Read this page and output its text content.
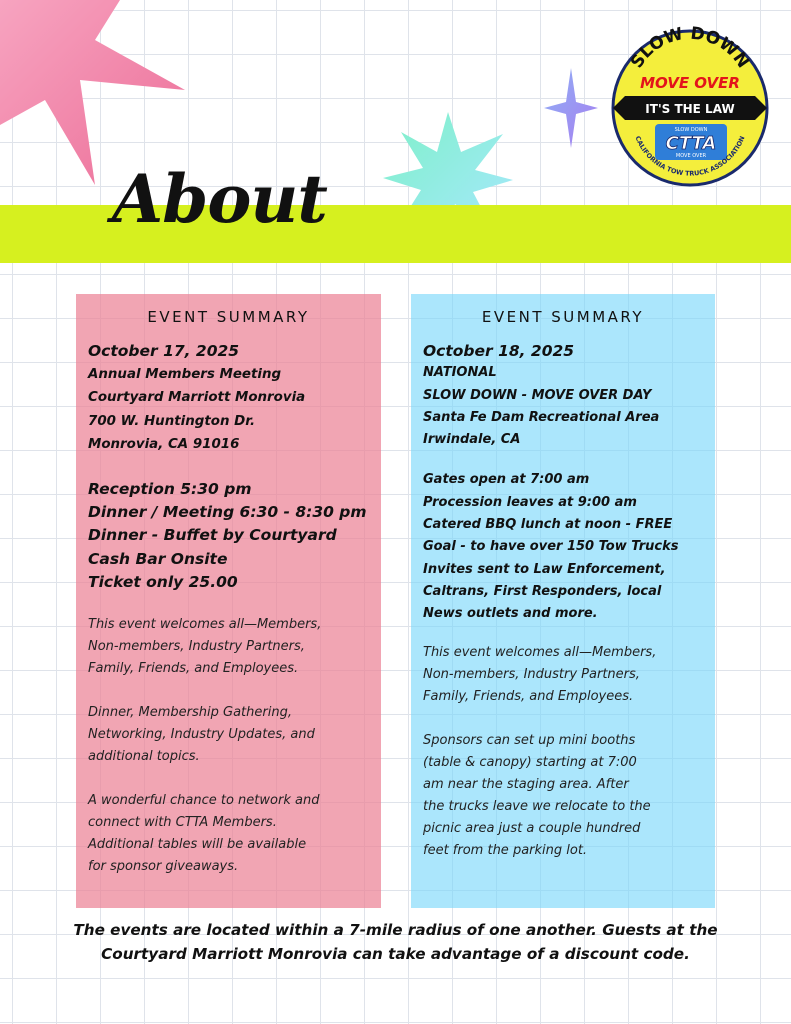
About
SLOW DOWN
MOVE OVER
IT'S THE LAW
SLOW DOWN
CTTA
MOVE OVER
CALIFORNIA TOW TRUCK ASSOCIATION
EVENT SUMMARY
October 17, 2025
Annual Members Meeting
Courtyard Marriott Monrovia
700 W. Huntington Dr.
Monrovia, CA 91016
Reception 5:30 pm
Dinner / Meeting 6:30 - 8:30 pm
Dinner - Buffet by Courtyard
Cash Bar Onsite
Ticket only 25.00

This event welcomes all—Members,
Non-members, Industry Partners,
Family, Friends, and Employees.

Dinner, Membership Gathering,
Networking, Industry Updates, and
additional topics.

A wonderful chance to network and
connect with CTTA Members.
Additional tables will be available
for sponsor giveaways.

EVENT SUMMARY
October 18, 2025
NATIONAL
SLOW DOWN - MOVE OVER DAY
Santa Fe Dam Recreational Area
Irwindale, CA
Gates open at 7:00 am
Procession leaves at 9:00 am
Catered BBQ lunch at noon - FREE
Goal - to have over 150 Tow Trucks
Invites sent to Law Enforcement,
Caltrans, First Responders, local
News outlets and more.

This event welcomes all—Members,
Non-members, Industry Partners,
Family, Friends, and Employees.

Sponsors can set up mini booths
(table & canopy) starting at 7:00
am near the staging area. After
the trucks leave we relocate to the
picnic area just a couple hundred
feet from the parking lot.

The events are located within a 7-mile radius of one another. Guests at the
Courtyard Marriott Monrovia can take advantage of a discount code.
